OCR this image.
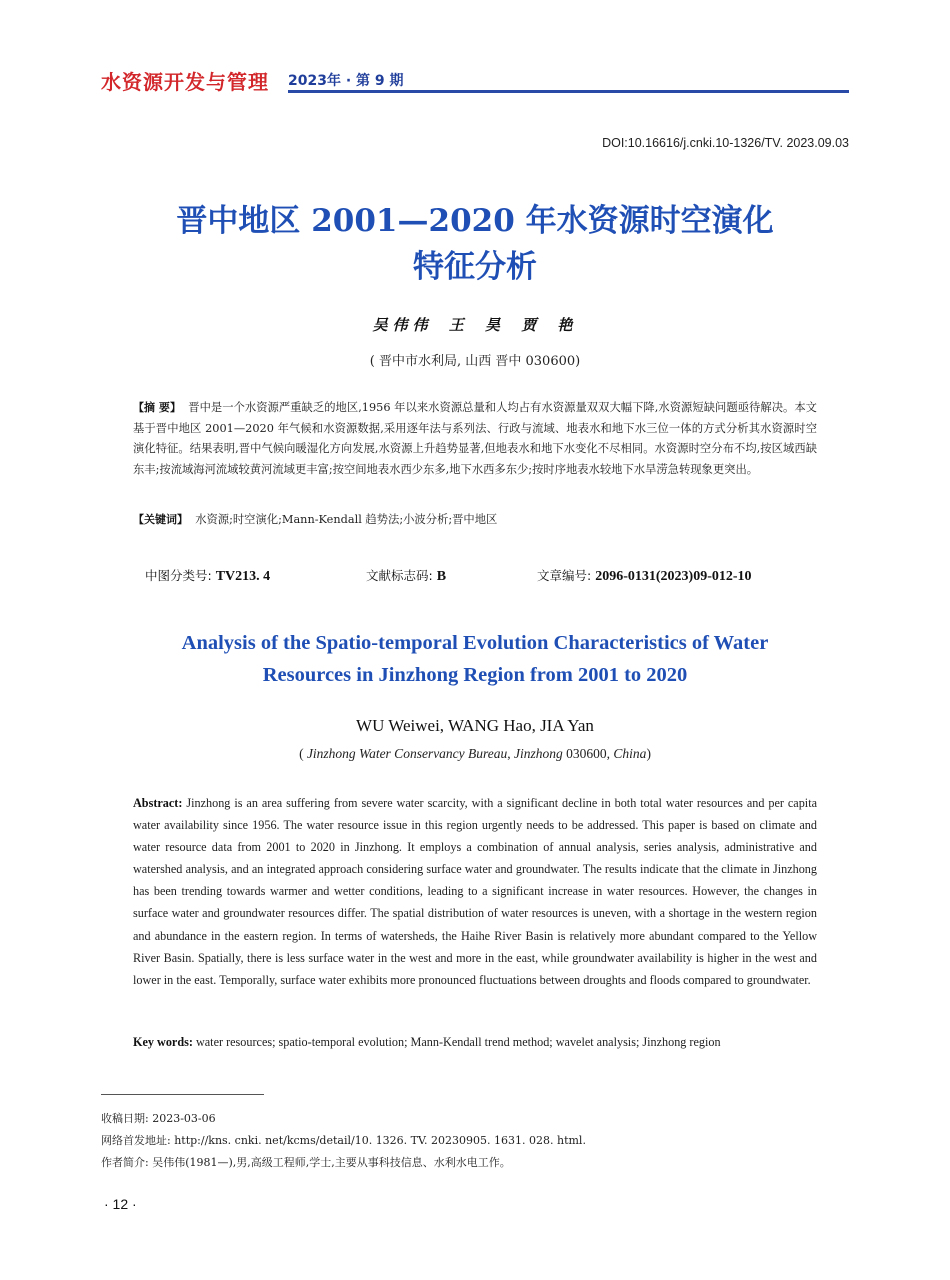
水资源开发与管理 2023年 · 第 9 期
DOI:10.16616/j.cnki.10-1326/TV. 2023.09.03
晋中地区 2001—2020 年水资源时空演化
特征分析
吴伟伟 王 昊 贾 艳
( 晋中市水利局, 山西 晋中 030600)
【摘 要】 晋中是一个水资源严重缺乏的地区,1956 年以来水资源总量和人均占有水资源量双双大幅下降,水资源短缺问题亟待解决。本文基于晋中地区 2001—2020 年气候和水资源数据,采用逐年法与系列法、行政与流域、地表水和地下水三位一体的方式分析其水资源时空演化特征。结果表明,晋中气候向暖湿化方向发展,水资源上升趋势显著,但地表水和地下水变化不尽相同。水资源时空分布不均,按区域西缺东丰;按流域海河流域较黄河流域更丰富;按空间地表水西少东多,地下水西多东少;按时序地表水较地下水旱涝急转现象更突出。
【关键词】 水资源;时空演化;Mann-Kendall 趋势法;小波分析;晋中地区
中图分类号: TV213. 4	文献标志码: B	文章编号: 2096-0131(2023)09-012-10
Analysis of the Spatio-temporal Evolution Characteristics of Water
Resources in Jinzhong Region from 2001 to 2020
WU Weiwei, WANG Hao, JIA Yan
( Jinzhong Water Conservancy Bureau, Jinzhong 030600, China)
Abstract: Jinzhong is an area suffering from severe water scarcity, with a significant decline in both total water resources and per capita water availability since 1956. The water resource issue in this region urgently needs to be addressed. This paper is based on climate and water resource data from 2001 to 2020 in Jinzhong. It employs a combination of annual analysis, series analysis, administrative and watershed analysis, and an integrated approach considering surface water and groundwater. The results indicate that the climate in Jinzhong has been trending towards warmer and wetter conditions, leading to a significant increase in water resources. However, the changes in surface water and groundwater resources differ. The spatial distribution of water resources is uneven, with a shortage in the western region and abundance in the eastern region. In terms of watersheds, the Haihe River Basin is relatively more abundant compared to the Yellow River Basin. Spatially, there is less surface water in the west and more in the east, while groundwater availability is higher in the west and lower in the east. Temporally, surface water exhibits more pronounced fluctuations between droughts and floods compared to groundwater.
Key words: water resources; spatio-temporal evolution; Mann-Kendall trend method; wavelet analysis; Jinzhong region
收稿日期: 2023-03-06
网络首发地址: http://kns. cnki. net/kcms/detail/10. 1326. TV. 20230905. 1631. 028. html.
作者简介: 吴伟伟(1981—),男,高级工程师,学士,主要从事科技信息、水利水电工作。
· 12 ·
